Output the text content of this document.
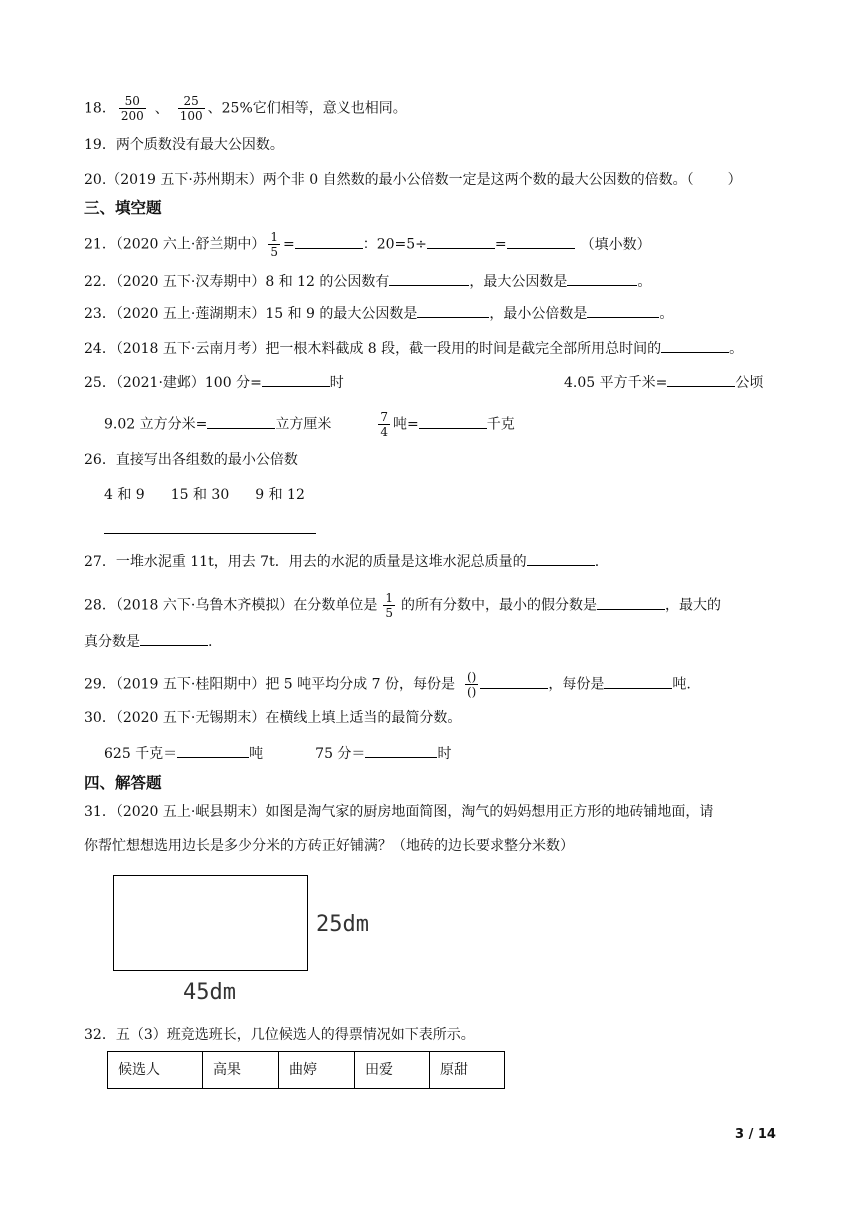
18． $\frac{50}{200}$ 、 $\frac{25}{100}$ 、25%它们相等，意义也相同。
19．两个质数没有最大公因数。
20.（2019 五下·苏州期末）两个非 0 自然数的最小公倍数一定是这两个数的最大公因数的倍数。（ ）
三、填空题
21．（2020 六上·舒兰期中） $\frac{1}{5}$ =	：20=5÷	=	（填小数）
22．（2020 五下·汉寿期中）8 和 12 的公因数有	，最大公因数是	。
23．（2020 五上·莲湖期末）15 和 9 的最大公因数是	，最小公倍数是	。
24．（2018 五下·云南月考）把一根木料截成 8 段，截一段用的时间是截完全部所用总时间的	。
25．（2021·建邺）100 分=	时	4.05 平方千米=	公顷
9.02 立方分米=	立方厘米	$\frac{7}{4}$ 吨=	千克
26．直接写出各组数的最小公倍数
4 和 9 15 和 30 9 和 12
27．一堆水泥重 11t，用去 7t．用去的水泥的质量是这堆水泥总质量的	.
28．（2018 六下·乌鲁木齐模拟）在分数单位是 $\frac{1}{5}$ 的所有分数中，最小的假分数是	，最大的
真分数是	.
29．（2019 五下·桂阳期中）把 5 吨平均分成 7 份，每份是 $\frac{()}{()}$	，每份是	吨.
30．（2020 五下·无锡期末）在横线上填上适当的最简分数。
625 千克＝	吨	75 分＝	时
四、解答题
31．（2020 五上·岷县期末）如图是淘气家的厨房地面简图，淘气的妈妈想用正方形的地砖铺地面，请
你帮忙想想选用边长是多少分米的方砖正好铺满？（地砖的边长要求整分米数）
25dm
45dm
32．五（3）班竞选班长，几位候选人的得票情况如下表所示。
候选人	高果	曲婷	田爱	原甜
3 / 14
